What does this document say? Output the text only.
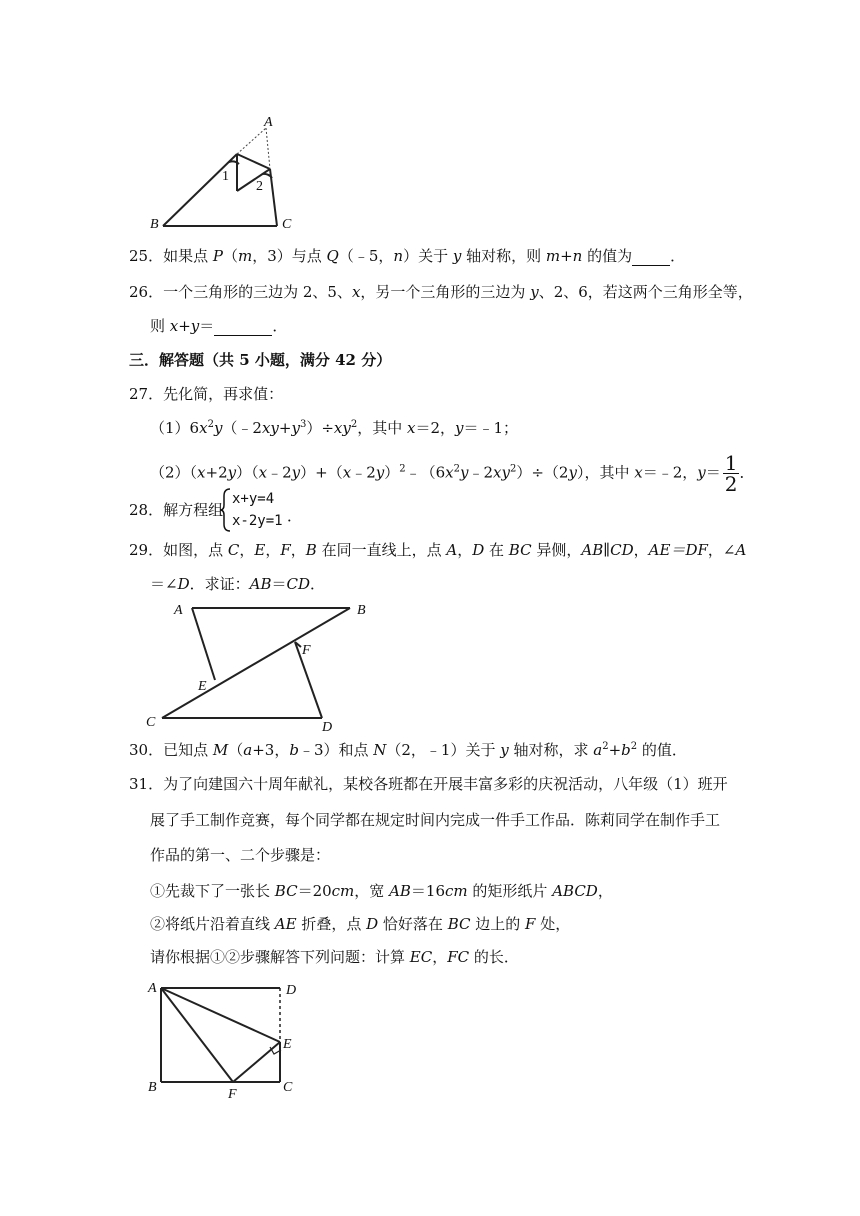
A
B	C
1
2
25．如果点 P（m，3）与点 Q（﹣5，n）关于 y 轴对称，则 m+n 的值为	．
26．一个三角形的三边为 2、5、x，另一个三角形的三边为 y、2、6，若这两个三角形全等，
则 x+y＝	．
三．解答题（共 5 小题，满分 42 分）
27．先化简，再求值：
$(1)6x^2y(﹣2xy+y^3)\div xy^2$，其中 x＝2，y＝﹣1；
$(2)(x+2y)(x﹣2y)+(x﹣2y)^2﹣(6x^2y﹣2xy^2)\div(2y)$，其中 x＝﹣2，$y= \frac{1}{2}$ ．
28．解方程组
x+y=4
x-2y=1 ．
29．如图，点 C，E，F，B 在同一直线上，点 A，D 在 BC 异侧，AB∥CD，AE＝DF，∠A
＝∠D．求证：AB＝CD．
A	B
F
E
C	D
30．已知点 M（a+3，b﹣3）和点 N（2，﹣1）关于 y 轴对称，求 $a^2+b^2$ 的值．
31．为了向建国六十周年献礼，某校各班都在开展丰富多彩的庆祝活动，八年级（1）班开
展了手工制作竞赛，每个同学都在规定时间内完成一件手工作品．陈莉同学在制作手工
作品的第一、二个步骤是：
①先裁下了一张长 BC＝20cm，宽 AB＝16cm 的矩形纸片 ABCD，
②将纸片沿着直线 AE 折叠，点 D 恰好落在 BC 边上的 F 处，
请你根据①②步骤解答下列问题：计算 EC，FC 的长．
A	D
E
B	F	C
